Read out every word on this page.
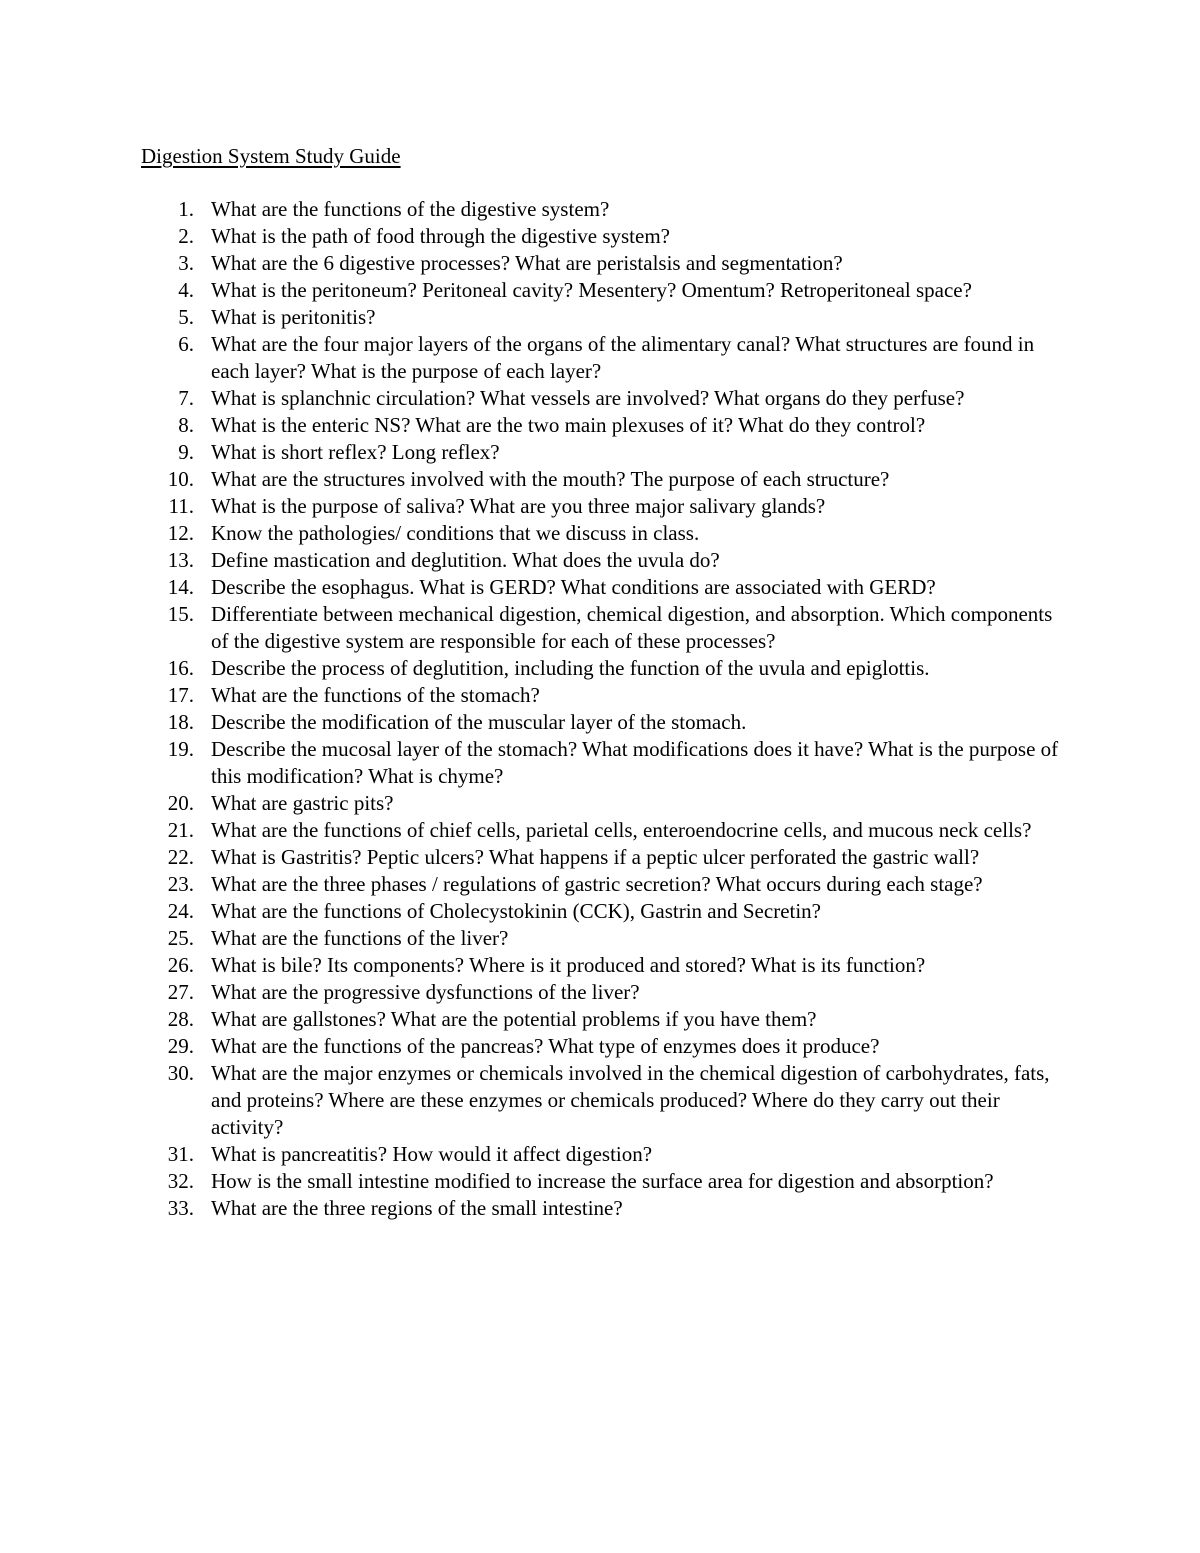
Digestion System Study Guide
1. What are the functions of the digestive system?
2. What is the path of food through the digestive system?
3. What are the 6 digestive processes? What are peristalsis and segmentation?
4. What is the peritoneum? Peritoneal cavity? Mesentery? Omentum? Retroperitoneal space?
5. What is peritonitis?
6. What are the four major layers of the organs of the alimentary canal? What structures are found in each layer? What is the purpose of each layer?
7. What is splanchnic circulation? What vessels are involved? What organs do they perfuse?
8. What is the enteric NS? What are the two main plexuses of it? What do they control?
9. What is short reflex? Long reflex?
10. What are the structures involved with the mouth? The purpose of each structure?
11. What is the purpose of saliva? What are you three major salivary glands?
12. Know the pathologies/ conditions that we discuss in class.
13. Define mastication and deglutition. What does the uvula do?
14. Describe the esophagus. What is GERD? What conditions are associated with GERD?
15. Differentiate between mechanical digestion, chemical digestion, and absorption. Which components of the digestive system are responsible for each of these processes?
16. Describe the process of deglutition, including the function of the uvula and epiglottis.
17. What are the functions of the stomach?
18. Describe the modification of the muscular layer of the stomach.
19. Describe the mucosal layer of the stomach? What modifications does it have? What is the purpose of this modification? What is chyme?
20. What are gastric pits?
21. What are the functions of chief cells, parietal cells, enteroendocrine cells, and mucous neck cells?
22. What is Gastritis? Peptic ulcers? What happens if a peptic ulcer perforated the gastric wall?
23. What are the three phases / regulations of gastric secretion? What occurs during each stage?
24. What are the functions of Cholecystokinin (CCK), Gastrin and Secretin?
25. What are the functions of the liver?
26. What is bile? Its components? Where is it produced and stored? What is its function?
27. What are the progressive dysfunctions of the liver?
28. What are gallstones? What are the potential problems if you have them?
29. What are the functions of the pancreas? What type of enzymes does it produce?
30. What are the major enzymes or chemicals involved in the chemical digestion of carbohydrates, fats, and proteins? Where are these enzymes or chemicals produced? Where do they carry out their activity?
31. What is pancreatitis? How would it affect digestion?
32. How is the small intestine modified to increase the surface area for digestion and absorption?
33. What are the three regions of the small intestine?
